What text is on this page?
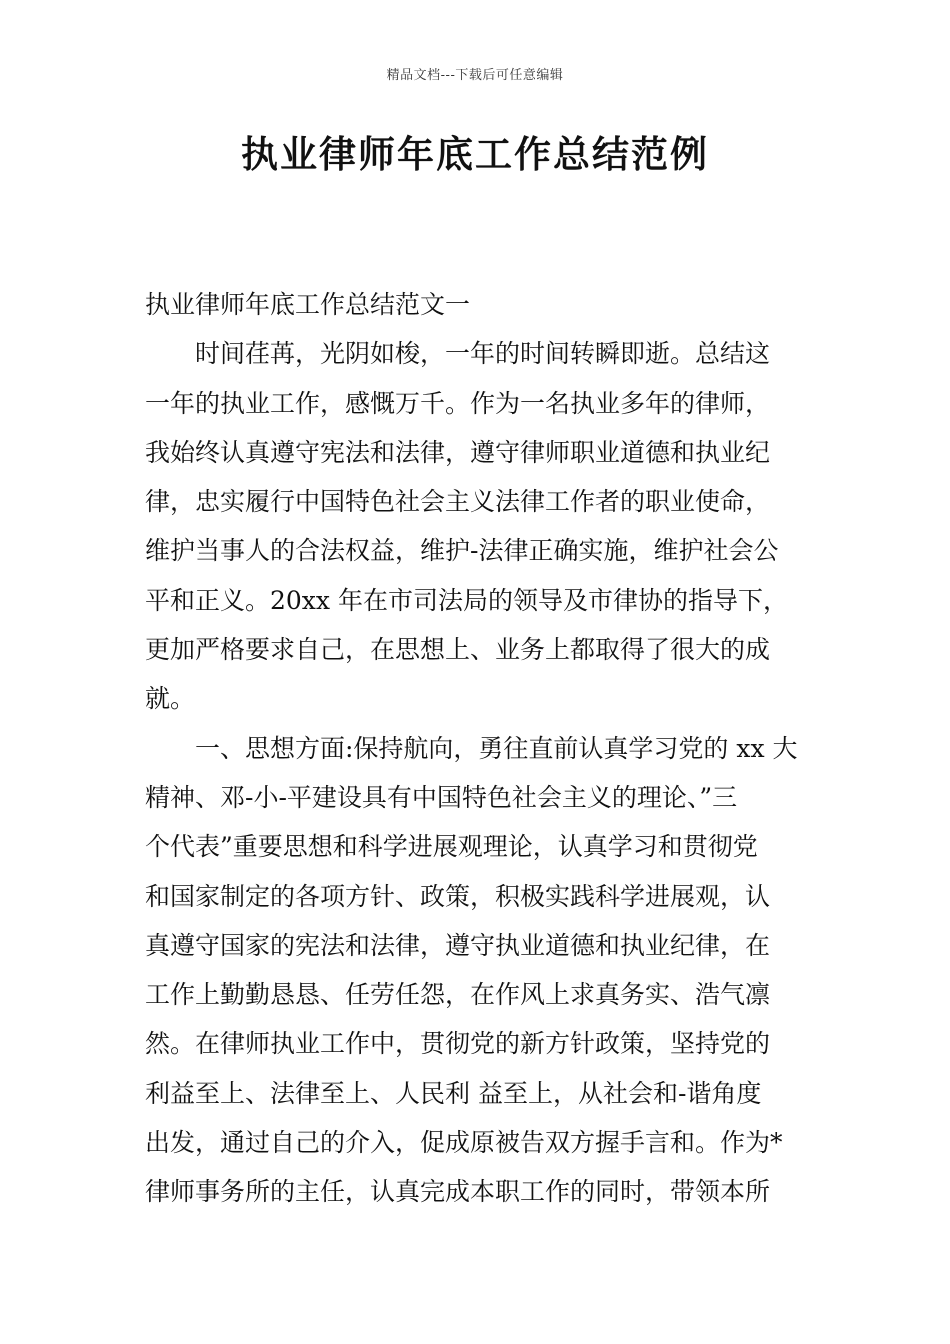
精品文档---下载后可任意编辑
执业律师年底工作总结范例

执业律师年底工作总结范文一

时间荏苒，光阴如梭，一年的时间转瞬即逝。总结这

一年的执业工作，感慨万千。作为一名执业多年的律师，

我始终认真遵守宪法和法律，遵守律师职业道德和执业纪

律，忠实履行中国特色社会主义法律工作者的职业使命，

维护当事人的合法权益，维护-法律正确实施，维护社会公

平和正义。20xx 年在市司法局的领导及市律协的指导下，

更加严格要求自己，在思想上、业务上都取得了很大的成

就。

一、思想方面:保持航向，勇往直前认真学习党的 xx 大

精神、邓-小-平建设具有中国特色社会主义的理论、”三

个代表”重要思想和科学进展观理论，认真学习和贯彻党

和国家制定的各项方针、政策，积极实践科学进展观，认

真遵守国家的宪法和法律，遵守执业道德和执业纪律，在

工作上勤勤恳恳、任劳任怨，在作风上求真务实、浩气凛

然。在律师执业工作中，贯彻党的新方针政策，坚持党的

利益至上、法律至上、人民利 益至上，从社会和-谐角度

出发，通过自己的介入，促成原被告双方握手言和。作为*

律师事务所的主任，认真完成本职工作的同时，带领本所
